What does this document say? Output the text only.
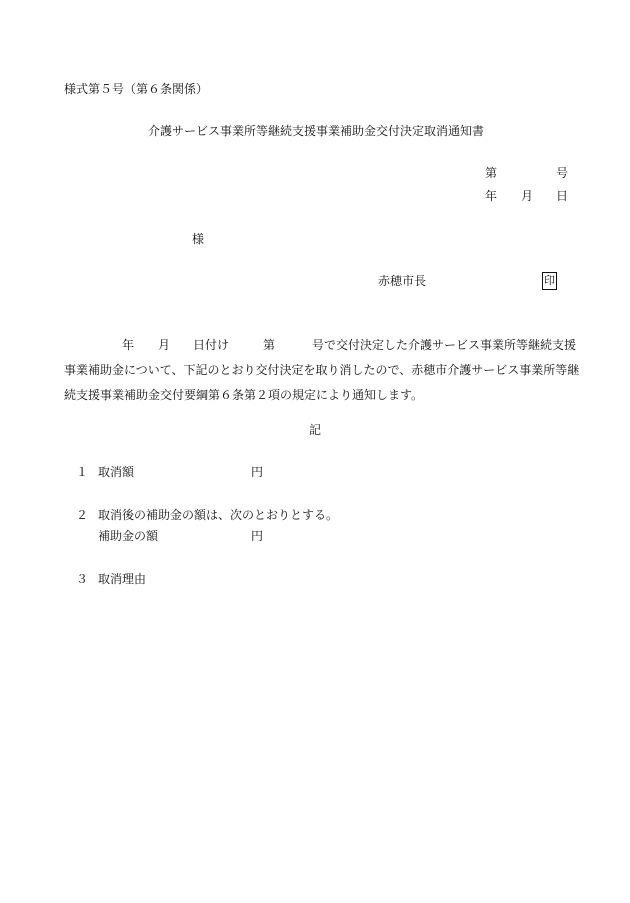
様式第５号（第６条関係）
介護サービス事業所等継続支援事業補助金交付決定取消通知書
第	号
年 月 日
様
赤穂市長	印
年 月 日付け	第	号で交付決定した介護サービス事業所等継続支援
事業補助金について、下記のとおり交付決定を取り消したので、赤穂市介護サービス事業所等継
続支援事業補助金交付要綱第６条第２項の規定により通知します。
記
１ 取消額	円
２ 取消後の補助金の額は、次のとおりとする。
補助金の額	円
３ 取消理由
